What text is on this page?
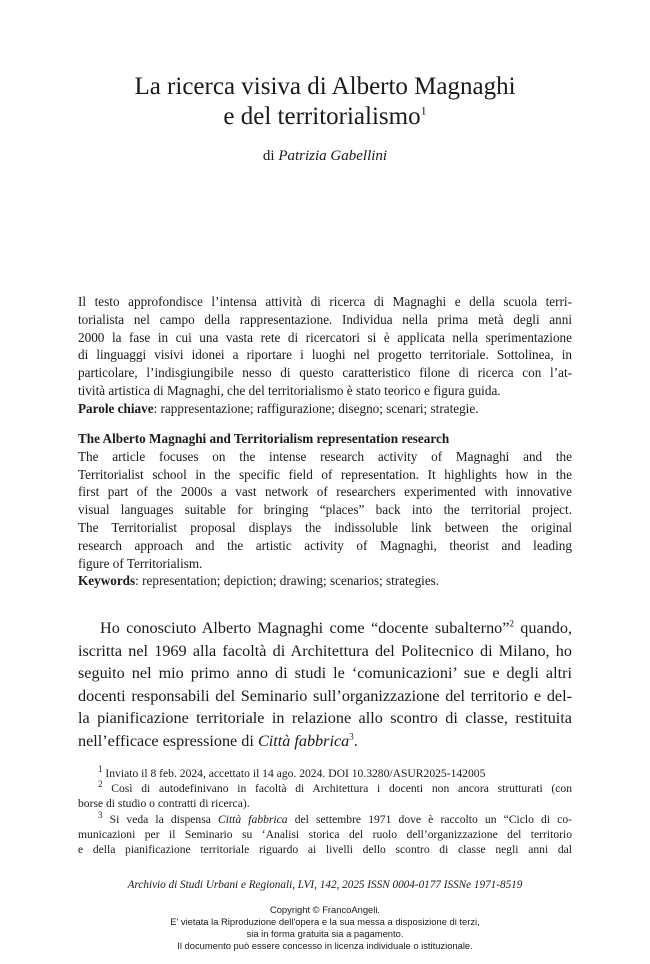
La ricerca visiva di Alberto Magnaghi
e del territorialismo$^1$
di Patrizia Gabellini
Il testo approfondisce l’intensa attività di ricerca di Magnaghi e della scuola terri-
torialista nel campo della rappresentazione. Individua nella prima metà degli anni
2000 la fase in cui una vasta rete di ricercatori si è applicata nella sperimentazione
di linguaggi visivi idonei a riportare i luoghi nel progetto territoriale. Sottolinea, in
particolare, l’indisgiungibile nesso di questo caratteristico filone di ricerca con l’at-
tività artistica di Magnaghi, che del territorialismo è stato teorico e figura guida.
Parole chiave: rappresentazione; raffigurazione; disegno; scenari; strategie.
The Alberto Magnaghi and Territorialism representation research
The article focuses on the intense research activity of Magnaghi and the
Territorialist school in the specific field of representation. It highlights how in the
first part of the 2000s a vast network of researchers experimented with innovative
visual languages suitable for bringing “places” back into the territorial project.
The Territorialist proposal displays the indissoluble link between the original
research approach and the artistic activity of Magnaghi, theorist and leading
figure of Territorialism.
Keywords: representation; depiction; drawing; scenarios; strategies.
Ho conosciuto Alberto Magnaghi come “docente subalterno”$^2$ quando,
iscritta nel 1969 alla facoltà di Architettura del Politecnico di Milano, ho
seguito nel mio primo anno di studi le ‘comunicazioni’ sue e degli altri
docenti responsabili del Seminario sull’organizzazione del territorio e del-
la pianificazione territoriale in relazione allo scontro di classe, restituita
nell’efficace espressione di Città fabbrica$^3$.
$^1$ Inviato il 8 feb. 2024, accettato il 14 ago. 2024. DOI 10.3280/ASUR2025-142005
$^2$ Così di autodefinivano in facoltà di Architettura i docenti non ancora strutturati (con
borse di studio o contratti di ricerca).
$^3$ Si veda la dispensa Città fabbrica del settembre 1971 dove è raccolto un “Ciclo di co-
municazioni per il Seminario su ‘Analisi storica del ruolo dell’organizzazione del territorio
e della pianificazione territoriale riguardo ai livelli dello scontro di classe negli anni dal
Archivio di Studi Urbani e Regionali, LVI, 142, 2025 ISSN 0004-0177 ISSNe 1971-8519
Copyright © FrancoAngeli.
E' vietata la Riproduzione dell'opera e la sua messa a disposizione di terzi,
sia in forma gratuita sia a pagamento.
Il documento può essere concesso in licenza individuale o istituzionale.
